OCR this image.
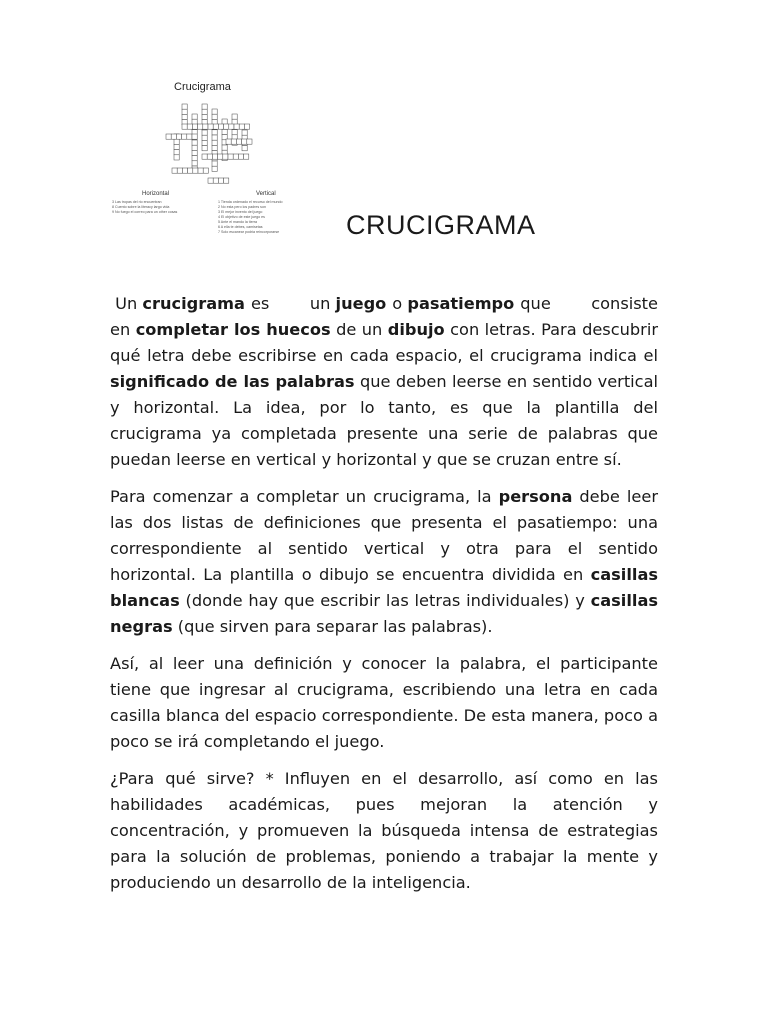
Crucigrama
Horizontal	Vertical
3 Las tropas del rio encuentran
8 Cuento sobre la literacy largo vida
9 No fuego el correo para un other cosas
1 Tienda ordenado el recurso del mundo
2 No esta pero los padres son
3 El mejor invento del juego
4 El objetivo de este juego es
5 Ante el mando la tierra
6 A ella te debes, camisetas
7 Solo escanear podria reincorporarse CRUCIGRAMA

Un crucigrama es un juego o pasatiempo que consiste
en completar los huecos de un dibujo con letras. Para descubrir qué letra debe escribirse en cada espacio, el crucigrama indica el significado de las palabras que deben leerse en sentido vertical y horizontal. La idea, por lo tanto, es que la plantilla del crucigrama ya completada presente una serie de palabras que puedan leerse en vertical y horizontal y que se cruzan entre sí.

Para comenzar a completar un crucigrama, la persona debe leer las dos listas de definiciones que presenta el pasatiempo: una correspondiente al sentido vertical y otra para el sentido horizontal. La plantilla o dibujo se encuentra dividida en casillas blancas (donde hay que escribir las letras individuales) y casillas negras (que sirven para separar las palabras).

Así, al leer una definición y conocer la palabra, el participante tiene que ingresar al crucigrama, escribiendo una letra en cada casilla blanca del espacio correspondiente. De esta manera, poco a poco se irá completando el juego.

¿Para qué sirve? * Influyen en el desarrollo, así como en las habilidades académicas, pues mejoran la atención y concentración, y promueven la búsqueda intensa de estrategias para la solución de problemas, poniendo a trabajar la mente y produciendo un desarrollo de la inteligencia.
